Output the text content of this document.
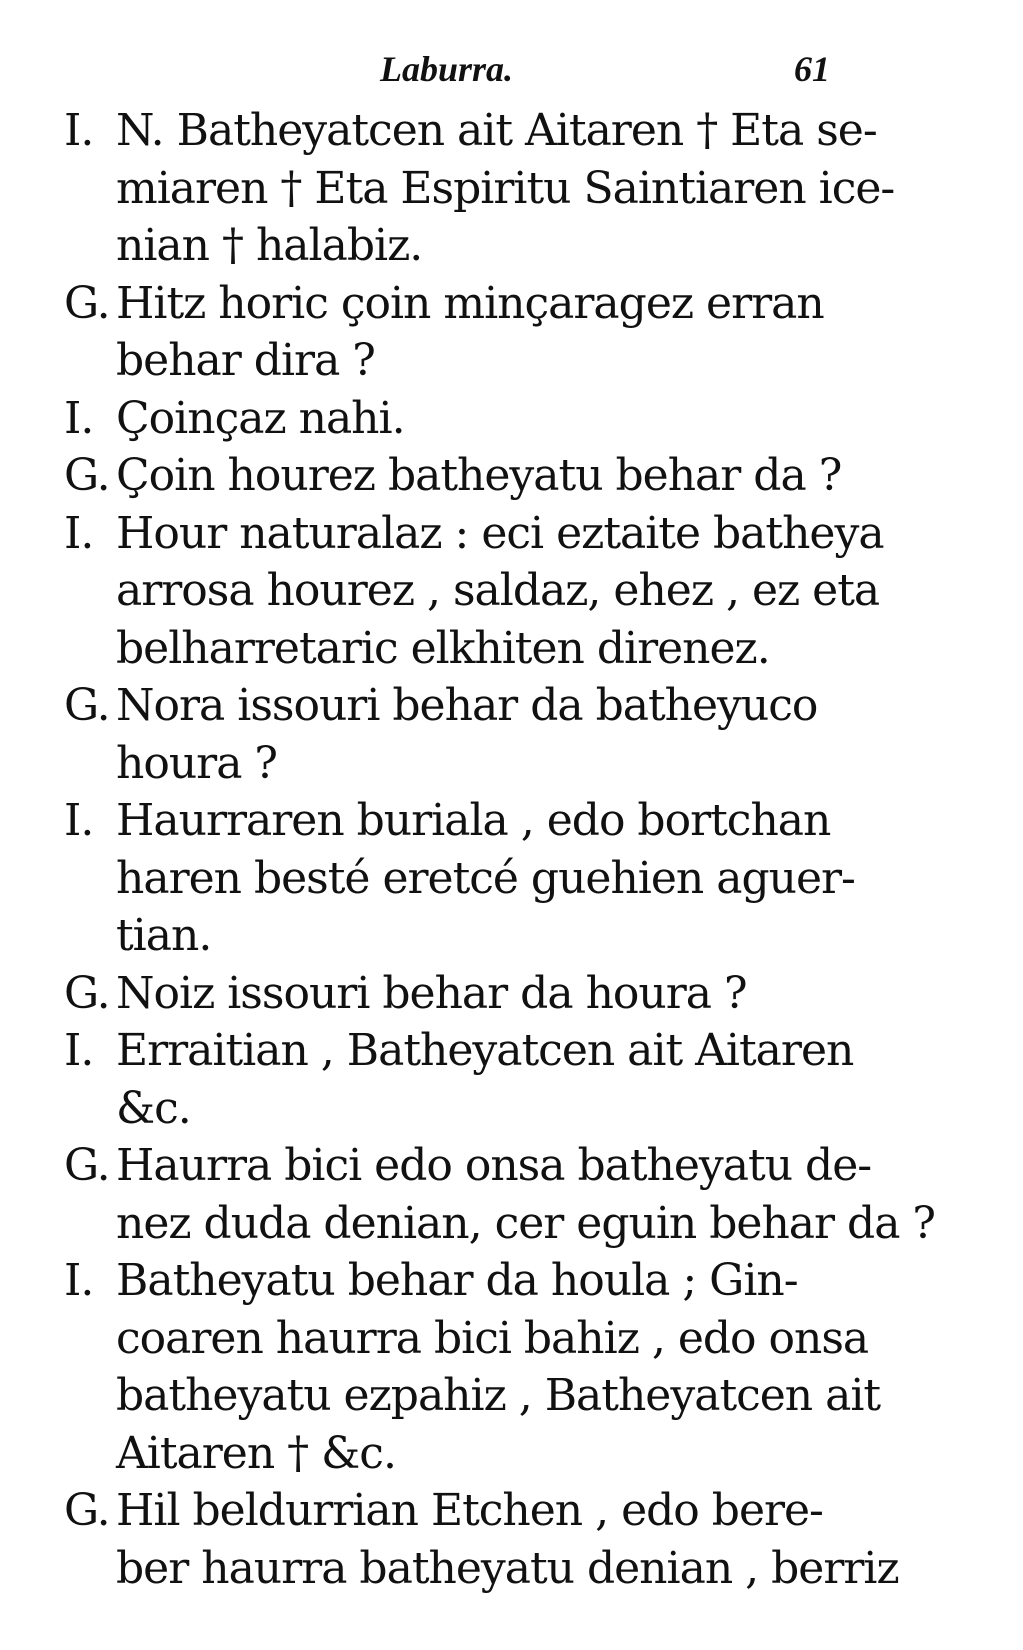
Laburra.	61
I. N. Batheyatcen ait Aitaren † Eta se-
miaren † Eta Espiritu Saintiaren ice-
nian † halabiz.
G. Hitz horic çoin minçaragez erran
behar dira ?
I. Çoinçaz nahi.
G. Çoin hourez batheyatu behar da ?
I. Hour naturalaz : eci eztaite batheya
arrosa hourez , saldaz, ehez , ez eta
belharretaric elkhiten direnez.
G. Nora issouri behar da batheyuco
houra ?
I. Haurraren buriala , edo bortchan
haren besté eretcé guehien aguer-
tian.
G. Noiz issouri behar da houra ?
I. Erraitian , Batheyatcen ait Aitaren
&c.
G. Haurra bici edo onsa batheyatu de-
nez duda denian, cer eguin behar da ?
I. Batheyatu behar da houla ; Gin-
coaren haurra bici bahiz , edo onsa
batheyatu ezpahiz , Batheyatcen ait
Aitaren † &c.
G. Hil beldurrian Etchen , edo bere-
ber haurra batheyatu denian , berriz
